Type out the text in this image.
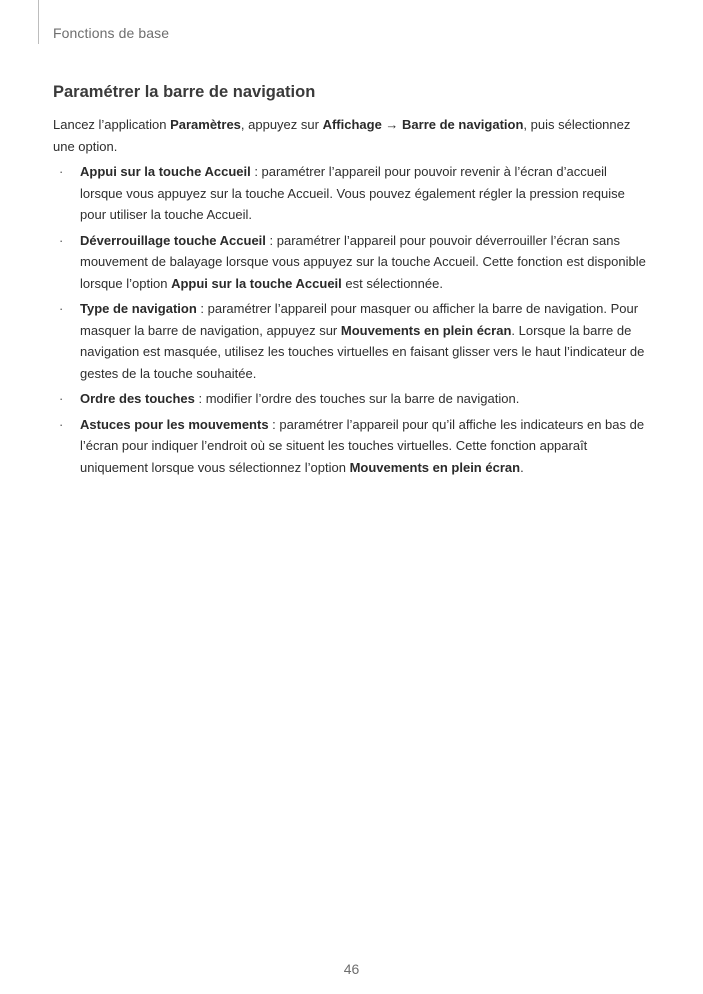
Fonctions de base
Paramétrer la barre de navigation

Lancez l’application Paramètres, appuyez sur Affichage → Barre de navigation, puis sélectionnez une option.

· Appui sur la touche Accueil : paramétrer l’appareil pour pouvoir revenir à l’écran d’accueil lorsque vous appuyez sur la touche Accueil. Vous pouvez également régler la pression requise pour utiliser la touche Accueil.
· Déverrouillage touche Accueil : paramétrer l’appareil pour pouvoir déverrouiller l’écran sans mouvement de balayage lorsque vous appuyez sur la touche Accueil. Cette fonction est disponible lorsque l’option Appui sur la touche Accueil est sélectionnée.
· Type de navigation : paramétrer l’appareil pour masquer ou afficher la barre de navigation. Pour masquer la barre de navigation, appuyez sur Mouvements en plein écran. Lorsque la barre de navigation est masquée, utilisez les touches virtuelles en faisant glisser vers le haut l’indicateur de gestes de la touche souhaitée.
· Ordre des touches : modifier l’ordre des touches sur la barre de navigation.
· Astuces pour les mouvements : paramétrer l’appareil pour qu’il affiche les indicateurs en bas de l’écran pour indiquer l’endroit où se situent les touches virtuelles. Cette fonction apparaît uniquement lorsque vous sélectionnez l’option Mouvements en plein écran.
46
